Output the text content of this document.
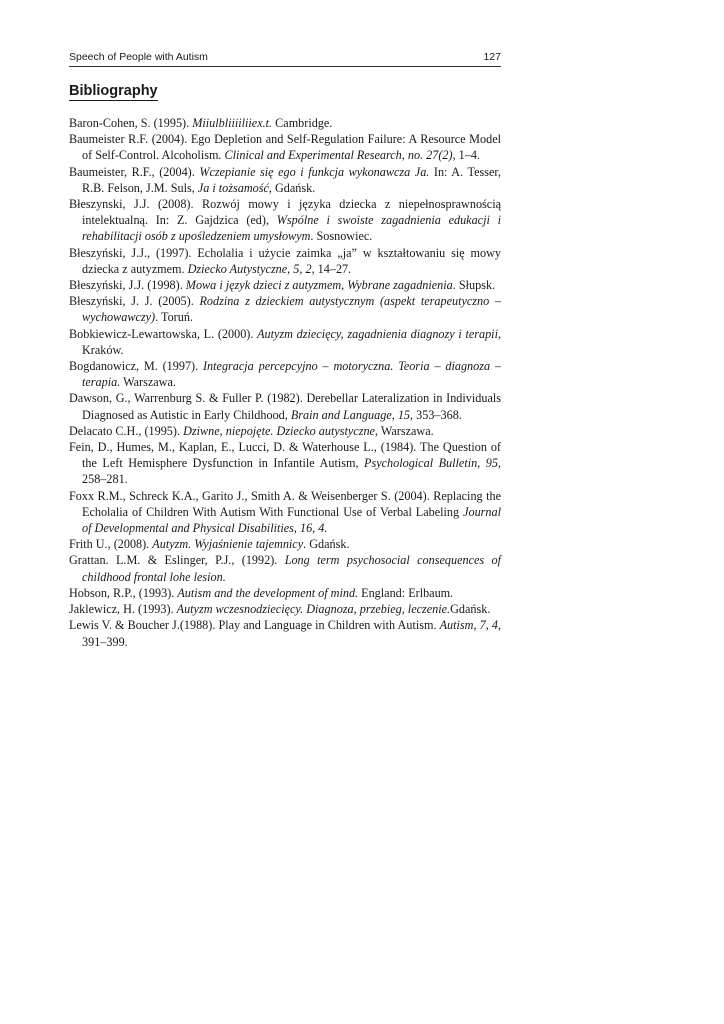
Speech of People with Autism	127
Bibliography

Baron-Cohen, S. (1995). Miiulbliiiiliiex.t. Cambridge.

Baumeister R.F. (2004). Ego Depletion and Self-Regulation Failure: A Resource Model of Self-Control. Alcoholism. Clinical and Experimental Research, no. 27(2), 1–4.

Baumeister, R.F., (2004). Wczepianie się ego i funkcja wykonawcza Ja. In: A. Tesser, R.B. Felson, J.M. Suls, Ja i tożsamość, Gdańsk.

Błeszynski, J.J. (2008). Rozwój mowy i języka dziecka z niepełnosprawnością intelektualną. In: Z. Gajdzica (ed), Wspólne i swoiste zagadnienia edukacji i rehabilitacji osób z upośledzeniem umysłowym. Sosnowiec.

Błeszyński, J.J., (1997). Echolalia i użycie zaimka „ja” w kształtowaniu się mowy dziecka z autyzmem. Dziecko Autystyczne, 5, 2, 14–27.

Błeszyński, J.J. (1998). Mowa i język dzieci z autyzmem, Wybrane zagadnienia. Słupsk.

Błeszyński, J. J. (2005). Rodzina z dzieckiem autystycznym (aspekt terapeutyczno – wychowawczy). Toruń.

Bobkiewicz-Lewartowska, L. (2000). Autyzm dziecięcy, zagadnienia diagnozy i terapii, Kraków.

Bogdanowicz, M. (1997). Integracja percepcyjno – motoryczna. Teoria – diagnoza – terapia. Warszawa.

Dawson, G., Warrenburg S. & Fuller P. (1982). Derebellar Lateralization in Individuals Diagnosed as Autistic in Early Childhood, Brain and Language, 15, 353–368.

Delacato C.H., (1995). Dziwne, niepojęte. Dziecko autystyczne, Warszawa.

Fein, D., Humes, M., Kaplan, E., Lucci, D. & Waterhouse L., (1984). The Question of the Left Hemisphere Dysfunction in Infantile Autism, Psychological Bulletin, 95, 258–281.

Foxx R.M., Schreck K.A., Garito J., Smith A. & Weisenberger S. (2004). Replacing the Echolalia of Children With Autism With Functional Use of Verbal Labeling Journal of Developmental and Physical Disabilities, 16, 4.

Frith U., (2008). Autyzm. Wyjaśnienie tajemnicy. Gdańsk.

Grattan. L.M. & Eslinger, P.J., (1992). Long term psychosocial consequences of childhood frontal lohe lesion.

Hobson, R.P., (1993). Autism and the development of mind. England: Erlbaum.

Jaklewicz, H. (1993). Autyzm wczesnodziecięcy. Diagnoza, przebieg, leczenie.Gdańsk.

Lewis V. & Boucher J.(1988). Play and Language in Children with Autism. Autism, 7, 4, 391–399.
